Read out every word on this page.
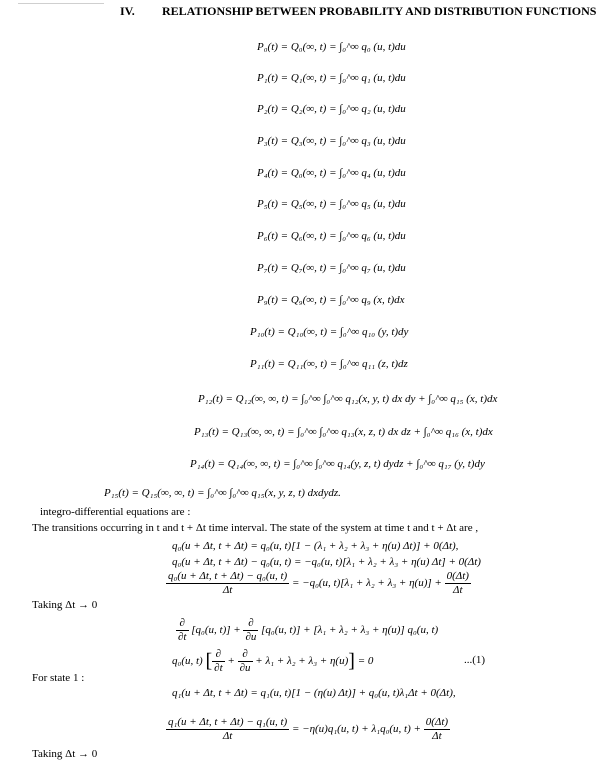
IV. RELATIONSHIP BETWEEN PROBABILITY AND DISTRIBUTION FUNCTIONS
P₀(t) = Q₀(∞, t) = ∫₀^∞ q₀ (u, t)du
P₁(t) = Q₁(∞, t) = ∫₀^∞ q₁ (u, t)du
P₂(t) = Q₂(∞, t) = ∫₀^∞ q₂ (u, t)du
P₃(t) = Q₃(∞, t) = ∫₀^∞ q₃ (u, t)du
P₄(t) = Q₀(∞, t) = ∫₀^∞ q₄ (u, t)du
P₅(t) = Q₅(∞, t) = ∫₀^∞ q₅ (u, t)du
P₆(t) = Q₆(∞, t) = ∫₀^∞ q₆ (u, t)du
P₇(t) = Q₇(∞, t) = ∫₀^∞ q₇ (u, t)du
P₉(t) = Q₉(∞, t) = ∫₀^∞ q₉ (x, t)dx
P₁₀(t) = Q₁₀(∞, t) = ∫₀^∞ q₁₀ (y, t)dy
P₁₁(t) = Q₁₁(∞, t) = ∫₀^∞ q₁₁ (z, t)dz
P₁₂(t) = Q₁₂(∞, ∞, t) = ∫₀^∞ ∫₀^∞ q₁₂(x, y, t) dx dy + ∫₀^∞ q₁₅ (x, t)dx
P₁₃(t) = Q₁₃(∞, ∞, t) = ∫₀^∞ ∫₀^∞ q₁₃(x, z, t) dx dz + ∫₀^∞ q₁₆ (x, t)dx
P₁₄(t) = Q₁₄(∞, ∞, t) = ∫₀^∞ ∫₀^∞ q₁₄(y, z, t) dydz + ∫₀^∞ q₁₇ (y, t)dy
P₁₅(t) = Q₁₅(∞, ∞, t) = ∫₀^∞ ∫₀^∞ q₁₅(x, y, z, t) dxdydz.
integro-differential equations are :
The transitions occurring in t and t + Δt time interval. The state of the system at time t and t + Δt are ,
q₀(u + Δt, t + Δt) = q₀(u, t)[1 − (λ₁ + λ₂ + λ₃ + η(u) Δt)] + 0(Δt),
q₀(u + Δt, t + Δt) − q₀(u, t) = −q₀(u, t)[λ₁ + λ₂ + λ₃ + η(u) Δt] + 0(Δt)
$\frac{\text{q₀(u + Δt, t + Δt) − q₀(u, t)}}{\Delta t} = -q_0(u$, $t)[\lambda_1 + \lambda_2 + \lambda_3 + \eta(u)] + \frac{0(\Delta t)}{\Delta t}$
Taking Δt → 0
$\frac{\partial}{\partial t} [q_0(u$, $t)] + \frac{\partial}{\partial u} [q_0(u$, t)] + [λ₁ + λ₂ + λ₃ + η(u)] q₀(u, t)
q₀(u, t) [ $\frac{\partial}{\partial t} + \frac{\partial}{\partial u} + \lambda_1 + \lambda_2 + \lambda_3 + \eta(u)] = 0$	...(1)
For state 1 :
q₁(u + Δt, t + Δt) = q₁(u, t)[1 − (η(u) Δt)] + q₀(u, t)λ₁Δt + 0(Δt),
$\frac{\text{q₁(u + Δt, t + Δt) − q₁(u, t)}}{\Delta t} = -\eta(u)q_1(u$, t) + λ₁q₀(u, $t) + \frac{0(\Delta t)}{\Delta t}$
Taking Δt → 0
